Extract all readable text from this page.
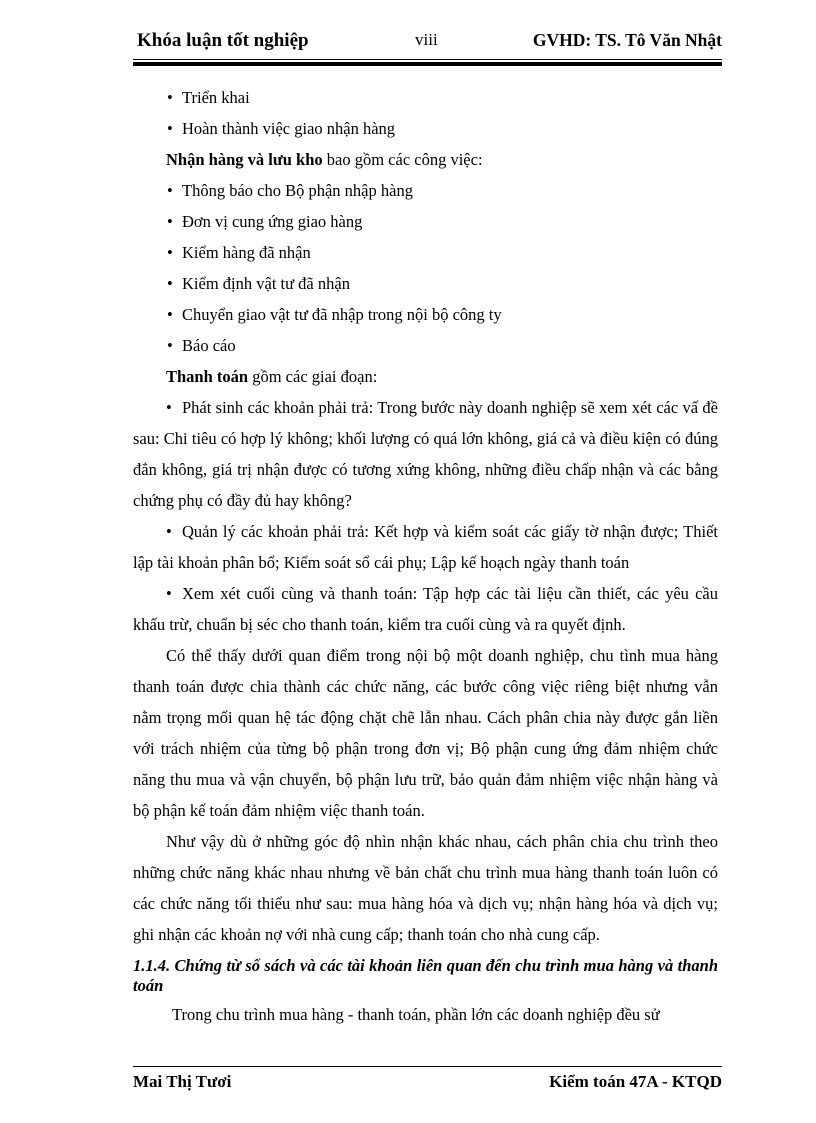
Khóa luận tốt nghiệp	viii	GVHD: TS. Tô Văn Nhật

• Triển khai

• Hoàn thành việc giao nhận hàng

Nhận hàng và lưu kho bao gồm các công việc:

• Thông báo cho Bộ phận nhập hàng

• Đơn vị cung ứng giao hàng

• Kiểm hàng đã nhận

• Kiểm định vật tư đã nhận

• Chuyển giao vật tư đã nhập trong nội bộ công ty

• Báo cáo

Thanh toán gồm các giai đoạn:

• Phát sinh các khoản phải trả: Trong bước này doanh nghiệp sẽ xem xét các vấ đề sau: Chi tiêu có hợp lý không; khối lượng có quá lớn không, giá cả và điều kiện có đúng đắn không, giá trị nhận được có tương xứng không, những điều chấp nhận và các bằng chứng phụ có đầy đủ hay không?

• Quản lý các khoản phải trả: Kết hợp và kiểm soát các giấy tờ nhận được; Thiết lập tài khoản phân bổ; Kiểm soát sổ cái phụ; Lập kế hoạch ngày thanh toán

• Xem xét cuối cùng và thanh toán: Tập hợp các tài liệu cần thiết, các yêu cầu khấu trừ, chuẩn bị séc cho thanh toán, kiểm tra cuối cùng và ra quyết định.

Có thể thấy dưới quan điểm trong nội bộ một doanh nghiệp, chu tình mua hàng thanh toán được chia thành các chức năng, các bước công việc riêng biệt nhưng vẫn nằm trọng mối quan hệ tác động chặt chẽ lẫn nhau. Cách phân chia này được gắn liền với trách nhiệm của từng bộ phận trong đơn vị; Bộ phận cung ứng đảm nhiệm chức năng thu mua và vận chuyển, bộ phận lưu trữ, bảo quản đảm nhiệm việc nhận hàng và bộ phận kế toán đảm nhiệm việc thanh toán.

Như vậy dù ở những góc độ nhìn nhận khác nhau, cách phân chia chu trình theo những chức năng khác nhau nhưng về bản chất chu trình mua hàng thanh toán luôn có các chức năng tối thiểu như sau: mua hàng hóa và dịch vụ; nhận hàng hóa và dịch vụ; ghi nhận các khoản nợ với nhà cung cấp; thanh toán cho nhà cung cấp.

1.1.4. Chứng từ sổ sách và các tài khoản liên quan đến chu trình mua hàng và thanh toán

Trong chu trình mua hàng - thanh toán, phần lớn các doanh nghiệp đều sử

Mai Thị Tươi	Kiểm toán 47A - KTQD
